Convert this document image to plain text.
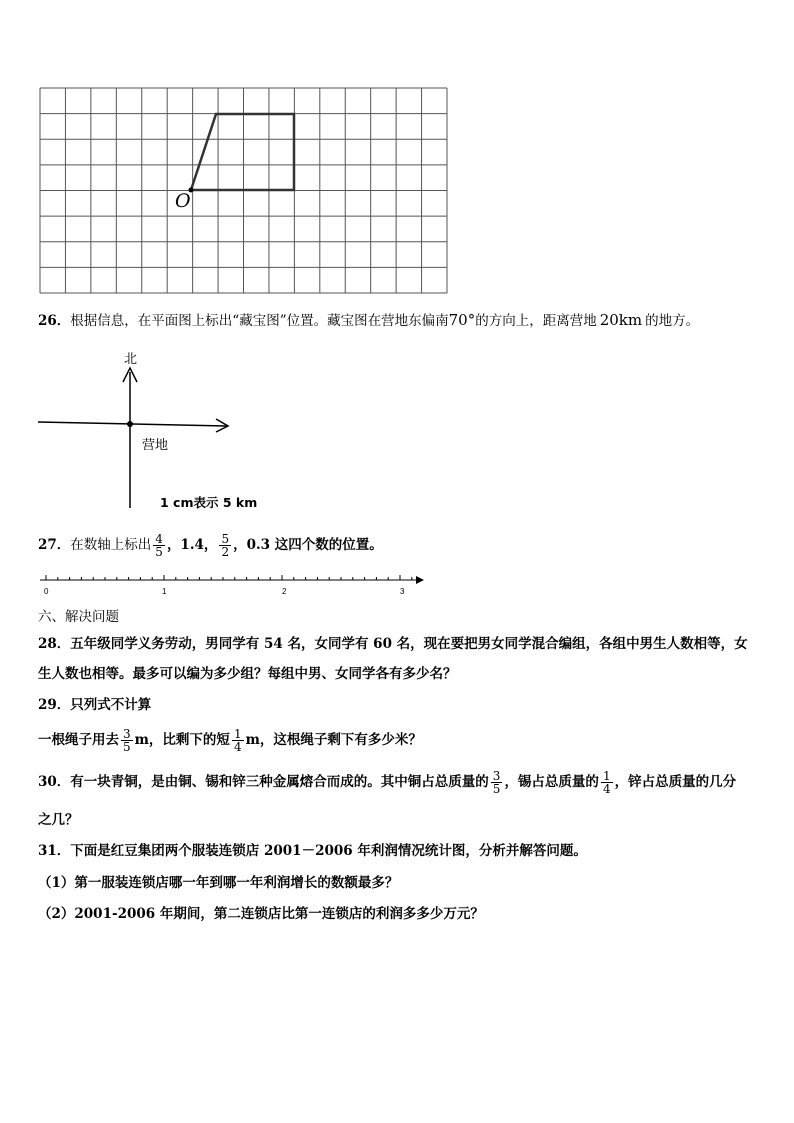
O
26．根据信息，在平面图上标出“藏宝图”位置。藏宝图在营地东偏南70°的方向上，距离营地 20km 的地方。
北
营地
1 cm表示 5 km
27．在数轴上标出 $\frac{4}{5}$ ，1.4， $\frac{5}{2}$ ，0.3 这四个数的位置。
0	1	2	3
六、解决问题
28．五年级同学义务劳动，男同学有 54 名，女同学有 60 名，现在要把男女同学混合编组，各组中男生人数相等，女
生人数也相等。最多可以编为多少组？每组中男、女同学各有多少名？
29．只列式不计算
一根绳子用去 $\frac{3}{5}$ m，比剩下的短 $\frac{1}{4}$ m，这根绳子剩下有多少米？
30．有一块青铜，是由铜、锡和锌三种金属熔合而成的。其中铜占总质量的 $\frac{3}{5}$ ，锡占总质量的 $\frac{1}{4}$ ，锌占总质量的几分
之几？
31．下面是红豆集团两个服装连锁店 2001－2006 年利润情况统计图，分析并解答问题。
（1）第一服装连锁店哪一年到哪一年利润增长的数额最多？
（2）2001-2006 年期间，第二连锁店比第一连锁店的利润多多少万元？
